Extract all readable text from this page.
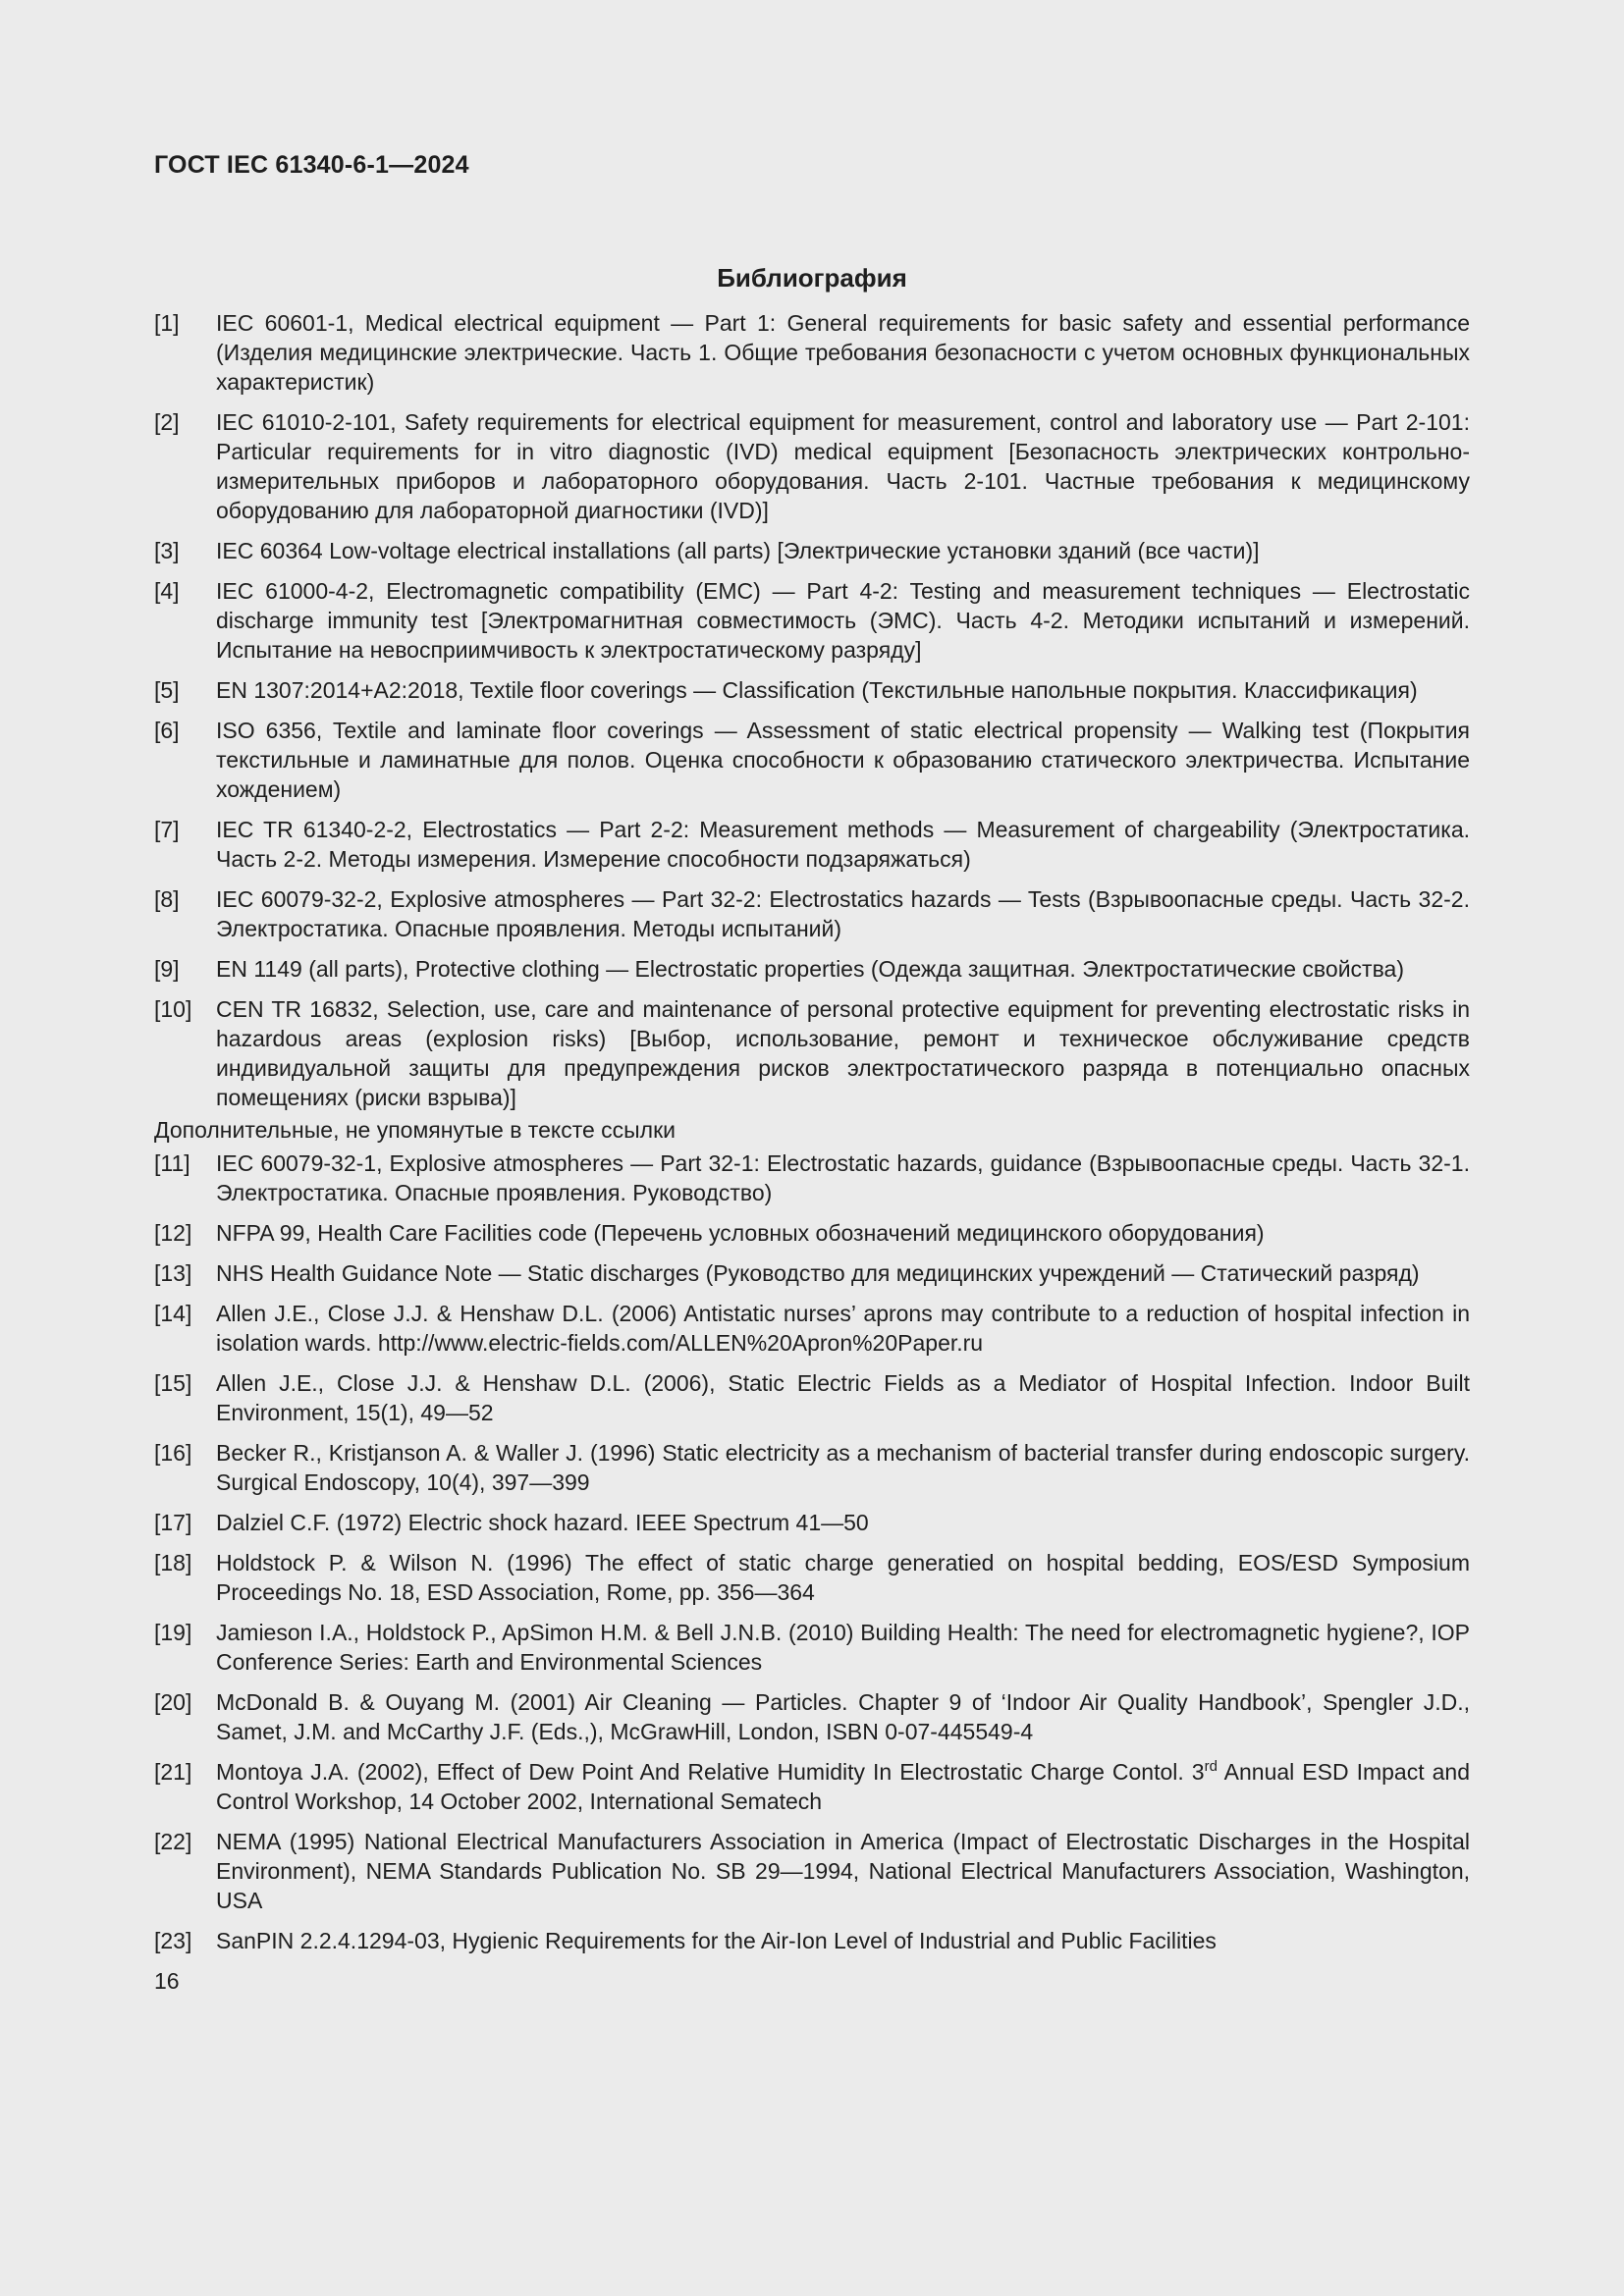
ГОСТ IEC 61340-6-1—2024

Библиография
[1]	IEC 60601-1, Medical electrical equipment — Part 1: General requirements for basic safety and essential performance (Изделия медицинские электрические. Часть 1. Общие требования безопасности с учетом основных функциональных характеристик)
[2]	IEC 61010-2-101, Safety requirements for electrical equipment for measurement, control and laboratory use — Part 2-101: Particular requirements for in vitro diagnostic (IVD) medical equipment [Безопасность электрических контрольно-измерительных приборов и лабораторного оборудования. Часть 2-101. Частные требования к медицинскому оборудованию для лабораторной диагностики (IVD)]
[3]	IEC 60364 Low-voltage electrical installations (all parts) [Электрические установки зданий (все части)]
[4]	IEC 61000-4-2, Electromagnetic compatibility (EMC) — Part 4-2: Testing and measurement techniques — Electrostatic discharge immunity test [Электромагнитная совместимость (ЭМС). Часть 4-2. Методики испытаний и измерений. Испытание на невосприимчивость к электростатическому разряду]
[5]	EN 1307:2014+A2:2018, Textile floor coverings — Classification (Текстильные напольные покрытия. Классификация)
[6]	ISO 6356, Textile and laminate floor coverings — Assessment of static electrical propensity — Walking test (Покрытия текстильные и ламинатные для полов. Оценка способности к образованию статического электричества. Испытание хождением)
[7]	IEC TR 61340-2-2, Electrostatics — Part 2-2: Measurement methods — Measurement of chargeability (Электростатика. Часть 2-2. Методы измерения. Измерение способности подзаряжаться)
[8]	IEC 60079-32-2, Explosive atmospheres — Part 32-2: Electrostatics hazards — Tests (Взрывоопасные среды. Часть 32-2. Электростатика. Опасные проявления. Методы испытаний)
[9]	EN 1149 (all parts), Protective clothing — Electrostatic properties (Одежда защитная. Электростатические свойства)
[10]	CEN TR 16832, Selection, use, care and maintenance of personal protective equipment for preventing electrostatic risks in hazardous areas (explosion risks) [Выбор, использование, ремонт и техническое обслуживание средств индивидуальной защиты для предупреждения рисков электростатического разряда в потенциально опасных помещениях (риски взрыва)]
Дополнительные, не упомянутые в тексте ссылки
[11]	IEC 60079-32-1, Explosive atmospheres — Part 32-1: Electrostatic hazards, guidance (Взрывоопасные среды. Часть 32-1. Электростатика. Опасные проявления. Руководство)
[12]	NFPA 99, Health Care Facilities code (Перечень условных обозначений медицинского оборудования)
[13]	NHS Health Guidance Note — Static discharges (Руководство для медицинских учреждений — Статический разряд)
[14]	Allen J.E., Close J.J. & Henshaw D.L. (2006) Antistatic nurses’ aprons may contribute to a reduction of hospital infection in isolation wards. http://www.electric-fields.com/ALLEN%20Apron%20Paper.ru
[15]	Allen J.E., Close J.J. & Henshaw D.L. (2006), Static Electric Fields as a Mediator of Hospital Infection. Indoor Built Environment, 15(1), 49—52
[16]	Becker R., Kristjanson A. & Waller J. (1996) Static electricity as a mechanism of bacterial transfer during endoscopic surgery. Surgical Endoscopy, 10(4), 397—399
[17]	Dalziel C.F. (1972) Electric shock hazard. IEEE Spectrum 41—50
[18]	Holdstock P. & Wilson N. (1996) The effect of static charge generatied on hospital bedding, EOS/ESD Symposium Proceedings No. 18, ESD Association, Rome, pp. 356—364
[19]	Jamieson I.A., Holdstock P., ApSimon H.M. & Bell J.N.B. (2010) Building Health: The need for electromagnetic hygiene?, IOP Conference Series: Earth and Environmental Sciences
[20]	McDonald B. & Ouyang M. (2001) Air Cleaning — Particles. Chapter 9 of ‘Indoor Air Quality Handbook’, Spengler J.D., Samet, J.M. and McCarthy J.F. (Eds.,), McGrawHill, London, ISBN 0-07-445549-4
[21]	Montoya J.A. (2002), Effect of Dew Point And Relative Humidity In Electrostatic Charge Contol. 3rd Annual ESD Impact and Control Workshop, 14 October 2002, International Sematech
[22]	NEMA (1995) National Electrical Manufacturers Association in America (Impact of Electrostatic Discharges in the Hospital Environment), NEMA Standards Publication No. SB 29—1994, National Electrical Manufacturers Association, Washington, USA
[23]	SanPIN 2.2.4.1294-03, Hygienic Requirements for the Air-Ion Level of Industrial and Public Facilities
16
